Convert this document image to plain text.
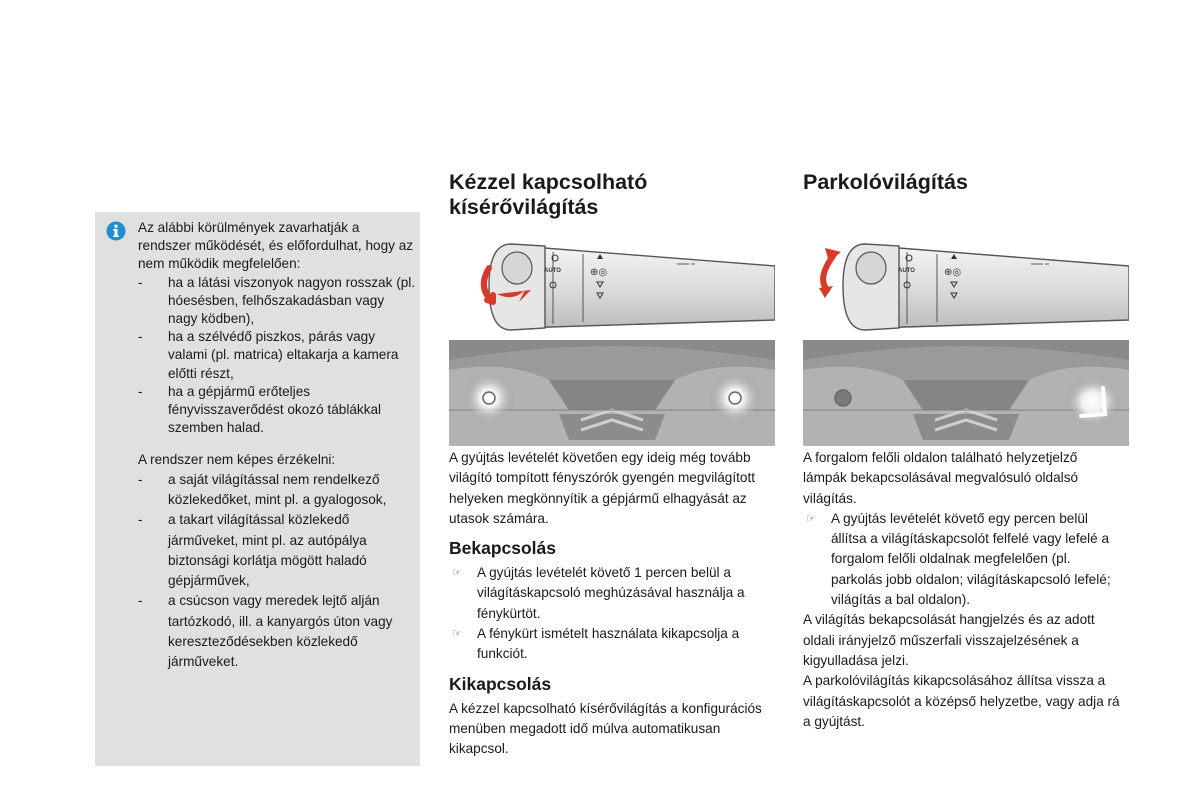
Az alábbi körülmények zavarhatják a rendszer működését, és előfordulhat, hogy az nem működik megfelelően:

- ha a látási viszonyok nagyon rosszak (pl. hóesésben, felhőszakadásban vagy nagy ködben),
- ha a szélvédő piszkos, párás vagy valami (pl. matrica) eltakarja a kamera előtti részt,
- ha a gépjármű erőteljes fényvisszaverődést okozó táblákkal szemben halad.

A rendszer nem képes érzékelni:

- a saját világítással nem rendelkező közlekedőket, mint pl. a gyalogosok,
- a takart világítással közlekedő járműveket, mint pl. az autópálya biztonsági korlátja mögött haladó gépjárművek,
- a csúcson vagy meredek lejtő alján tartózkodó, ill. a kanyargós úton vagy kereszteződésekben közlekedő járműveket.

Kézzel kapcsolható

kísérővilágítás

AUTO	⊕◎

A gyújtás levételét követően egy ideig még tovább világító tompított fényszórók gyengén megvilágított helyeken megkönnyítik a gépjármű elhagyását az utasok számára.

Bekapcsolás

☞ A gyújtás levételét követő 1 percen belül a világításkapcsoló meghúzásával használja a fénykürtöt.
☞ A fénykürt ismételt használata kikapcsolja a funkciót.

Kikapcsolás

A kézzel kapcsolható kísérővilágítás a konfigurációs menüben megadott idő múlva automatikusan kikapcsol.

Parkolóvilágítás

AUTO	⊕◎

A forgalom felőli oldalon található helyzetjelző lámpák bekapcsolásával megvalósuló oldalsó világítás.

☞ A gyújtás levételét követő egy percen belül állítsa a világításkapcsolót felfelé vagy lefelé a forgalom felőli oldalnak megfelelően (pl. parkolás jobb oldalon; világításkapcsoló lefelé; világítás a bal oldalon).

A világítás bekapcsolását hangjelzés és az adott oldali irányjelző műszerfali visszajelzésének a kigyulladása jelzi.

A parkolóvilágítás kikapcsolásához állítsa vissza a világításkapcsolót a középső helyzetbe, vagy adja rá a gyújtást.
